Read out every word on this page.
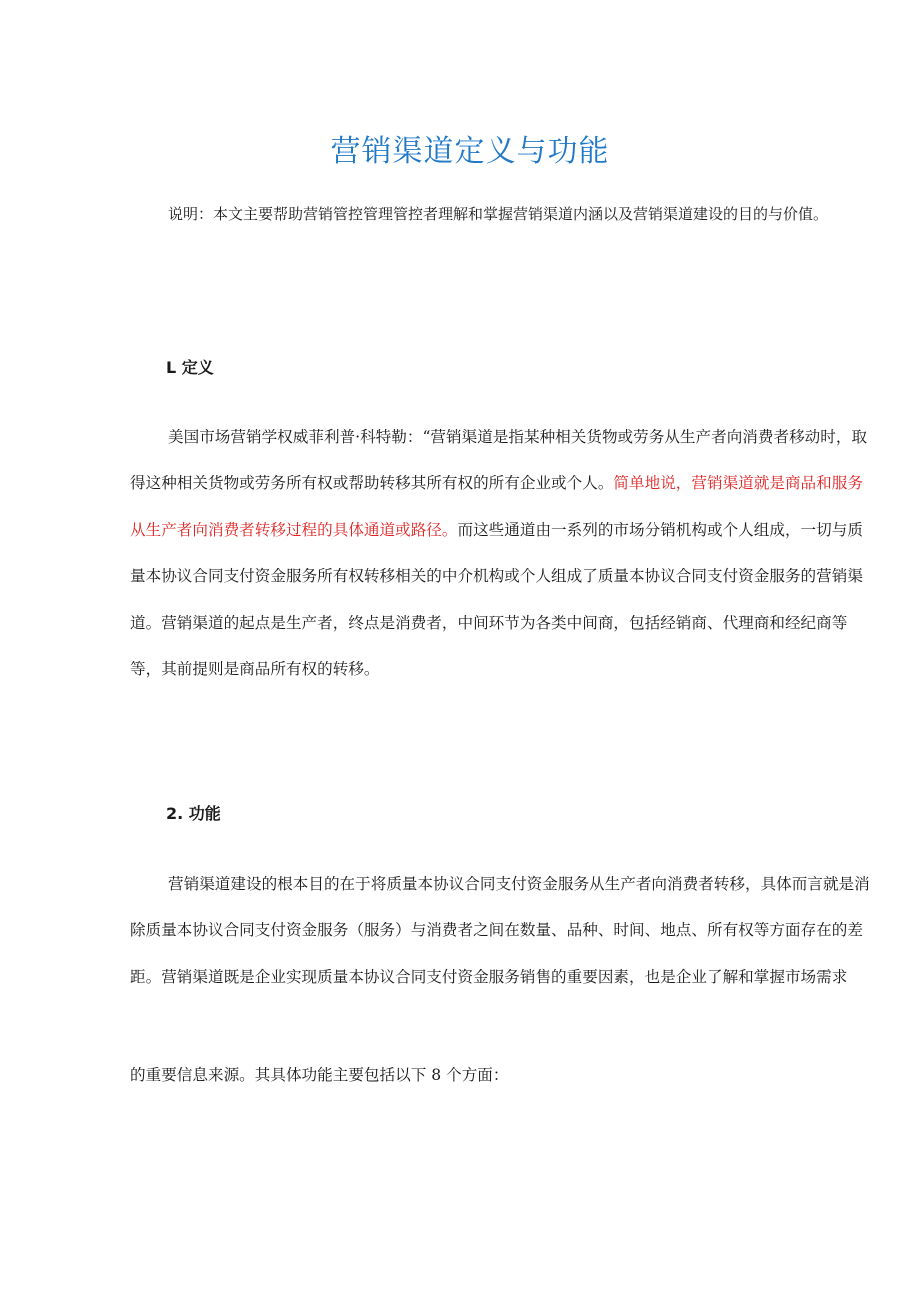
营销渠道定义与功能

说明：本文主要帮助营销管控管理管控者理解和掌握营销渠道内涵以及营销渠道建设的目的与价值。

L 定义

美国市场营销学权威菲利普·科特勒：“营销渠道是指某种相关货物或劳务从生产者向消费者移动时，取得这种相关货物或劳务所有权或帮助转移其所有权的所有企业或个人。简单地说，营销渠道就是商品和服务从生产者向消费者转移过程的具体通道或路径。而这些通道由一系列的市场分销机构或个人组成，一切与质量本协议合同支付资金服务所有权转移相关的中介机构或个人组成了质量本协议合同支付资金服务的营销渠道。营销渠道的起点是生产者，终点是消费者，中间环节为各类中间商，包括经销商、代理商和经纪商等等，其前提则是商品所有权的转移。

2. 功能

营销渠道建设的根本目的在于将质量本协议合同支付资金服务从生产者向消费者转移，具体而言就是消除质量本协议合同支付资金服务（服务）与消费者之间在数量、品种、时间、地点、所有权等方面存在的差距。营销渠道既是企业实现质量本协议合同支付资金服务销售的重要因素，也是企业了解和掌握市场需求

的重要信息来源。其具体功能主要包括以下 8 个方面：
